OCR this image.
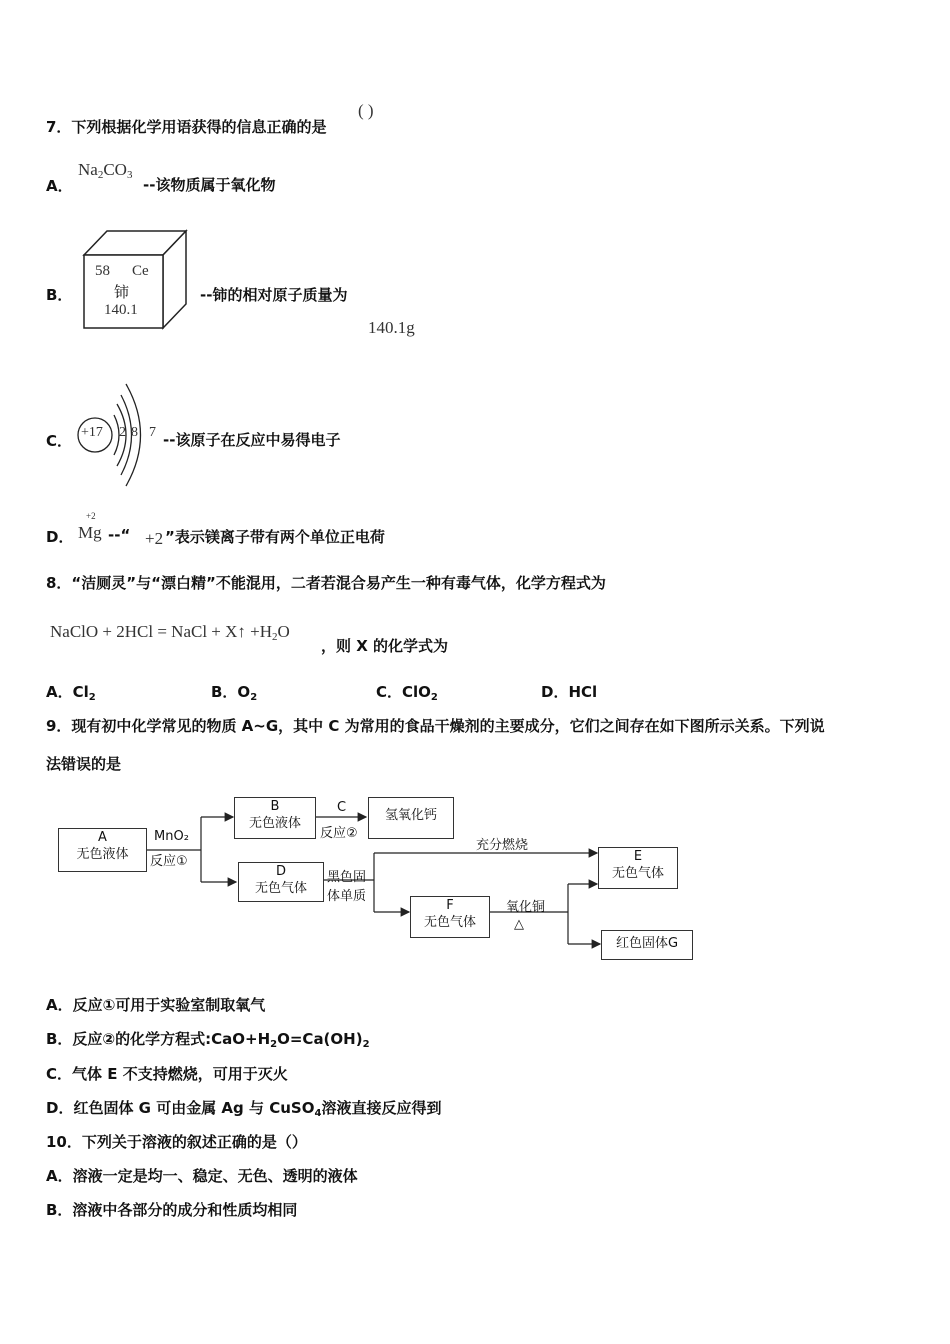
7．下列根据化学用语获得的信息正确的是
( )
A．
Na2CO3
--该物质属于氧化物
B．
58 Ce
铈
140.1
--铈的相对原子质量为
140.1g
C． +17 2 8 7 --该原子在反应中易得电子
D．
+2
Mg --“ +2 ”表示镁离子带有两个单位正电荷
8．“洁厕灵”与“漂白精”不能混用，二者若混合易产生一种有毒气体，化学方程式为
NaClO + 2HCl = NaCl + X↑ +H2O
，则 X 的化学式为
A．$Cl_2$	B．$O_2$	C．ClO$_2$	D．HCl
9．现有初中化学常见的物质 A~G，其中 C 为常用的食品干燥剂的主要成分，它们之间存在如下图所示关系。下列说
法错误的是
A
无色液体
B
无色液体
氢氧化钙
D
无色气体
F
无色气体
E
无色气体
红色固体G
MnO₂
反应①
C
反应②
黑色固
体单质
充分燃烧
氧化铜
△
A．反应①可用于实验室制取氧气
B．反应②的化学方程式$:CaO+H_2O=Ca(OH)_2$
C．气体 E 不支持燃烧，可用于灭火
D．红色固体 G 可由金属 Ag 与 CuSO$_4$溶液直接反应得到
10．下列关于溶液的叙述正确的是（）
A．溶液一定是均一、稳定、无色、透明的液体
B．溶液中各部分的成分和性质均相同
